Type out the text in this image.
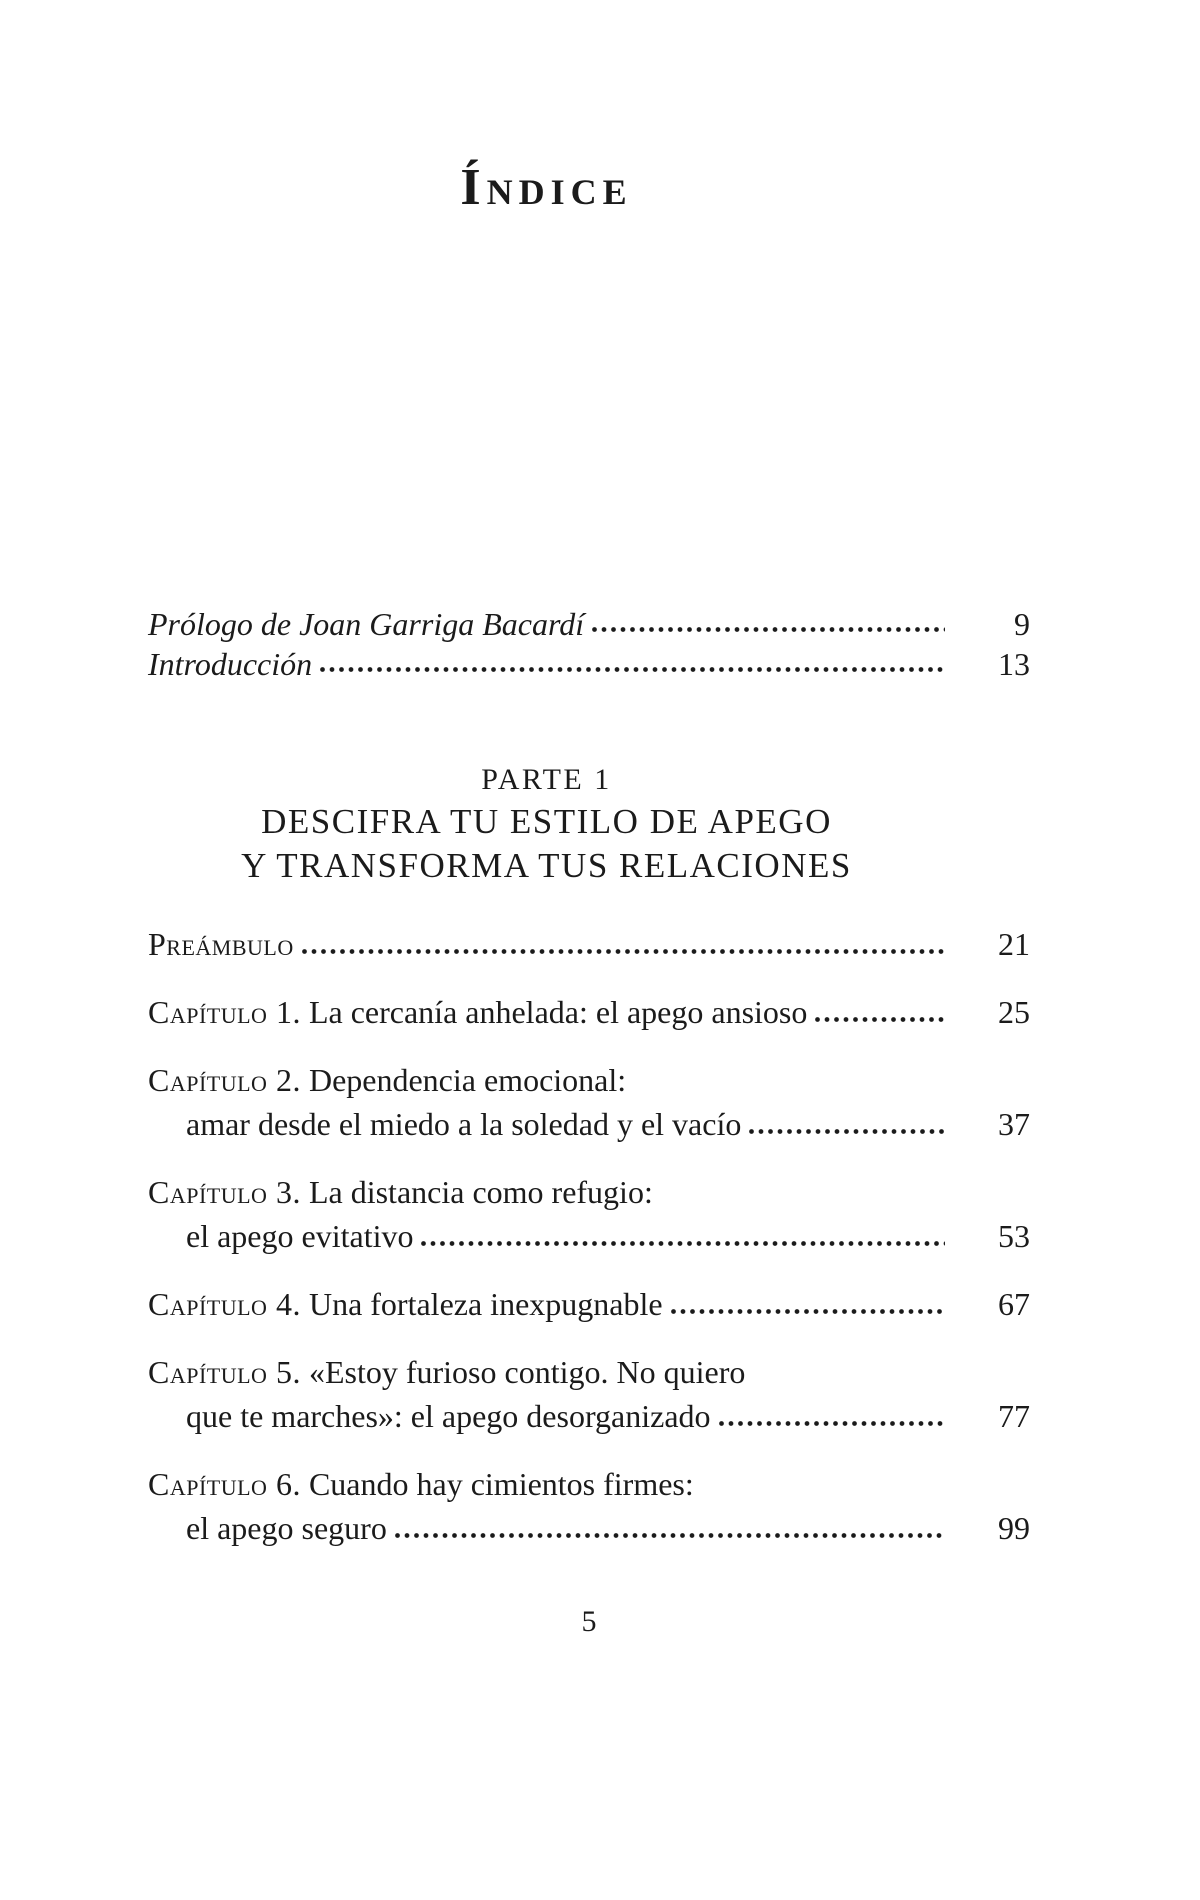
Índice
Prólogo de Joan Garriga Bacardí	9
Introducción	13
PARTE 1
DESCIFRA TU ESTILO DE APEGO
Y TRANSFORMA TUS RELACIONES
Preámbulo	21
Capítulo 1. La cercanía anhelada: el apego ansioso	25
Capítulo 2. Dependencia emocional:
amar desde el miedo a la soledad y el vacío	37
Capítulo 3. La distancia como refugio:
el apego evitativo	53
Capítulo 4. Una fortaleza inexpugnable	67
Capítulo 5. «Estoy furioso contigo. No quiero
que te marches»: el apego desorganizado	77
Capítulo 6. Cuando hay cimientos firmes:
el apego seguro	99
5
